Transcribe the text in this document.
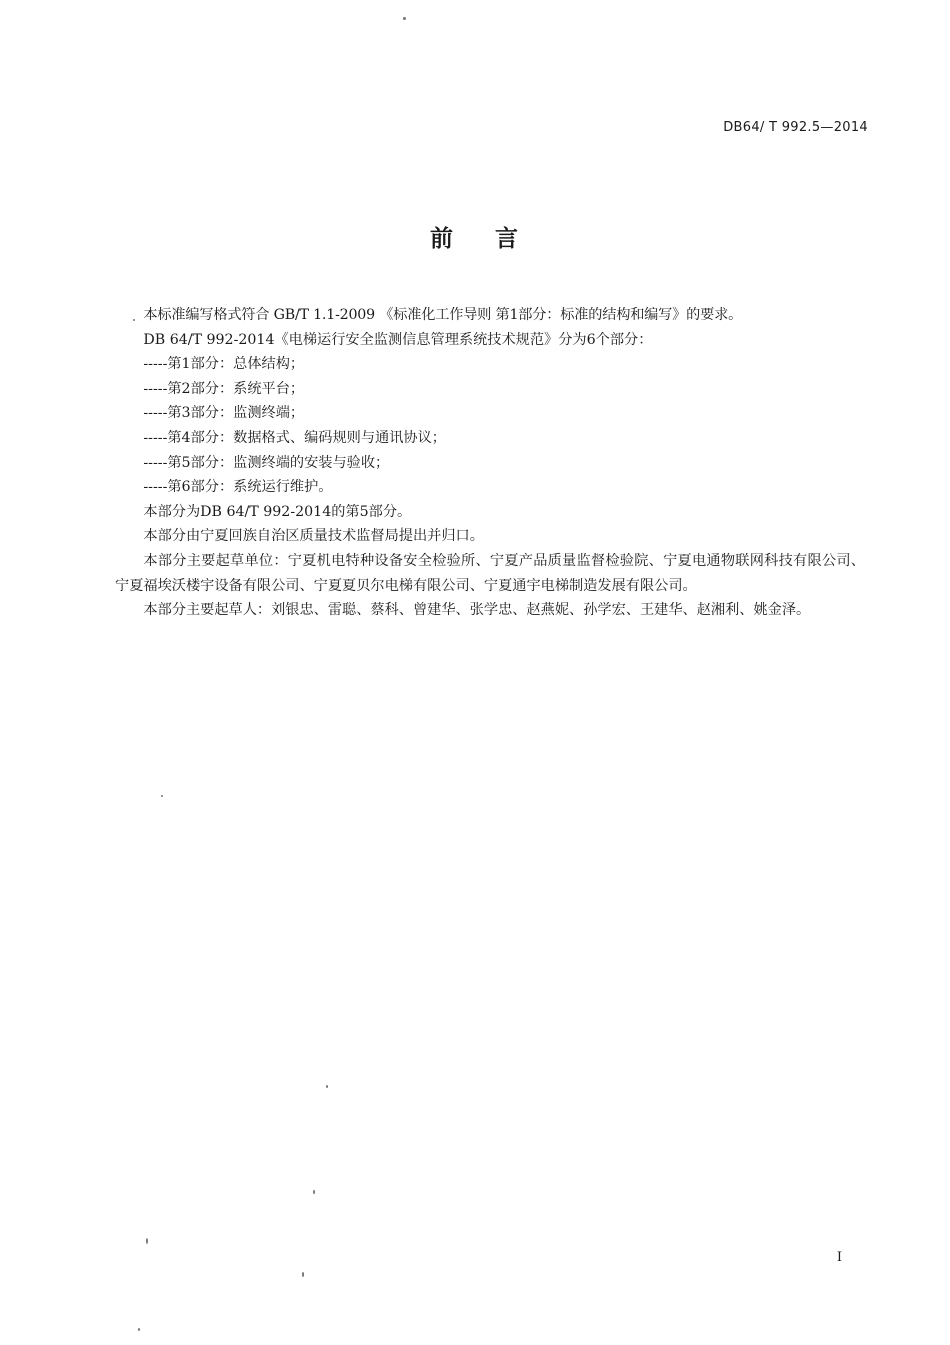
DB64/ T 992.5—2014
前 言

本标准编写格式符合 GB/T 1.1-2009 《标准化工作导则 第1部分：标准的结构和编写》的要求。

DB 64/T 992-2014《电梯运行安全监测信息管理系统技术规范》分为6个部分：

-----第1部分：总体结构；

-----第2部分：系统平台；

-----第3部分：监测终端；

-----第4部分：数据格式、编码规则与通讯协议；

-----第5部分：监测终端的安装与验收；

-----第6部分：系统运行维护。

本部分为DB 64/T 992-2014的第5部分。

本部分由宁夏回族自治区质量技术监督局提出并归口。

本部分主要起草单位：宁夏机电特种设备安全检验所、宁夏产品质量监督检验院、宁夏电通物联网科技有限公司、宁夏福埃沃楼宇设备有限公司、宁夏夏贝尔电梯有限公司、宁夏通宇电梯制造发展有限公司。

本部分主要起草人：刘银忠、雷聪、蔡科、曾建华、张学忠、赵燕妮、孙学宏、王建华、赵湘利、姚金泽。

I
